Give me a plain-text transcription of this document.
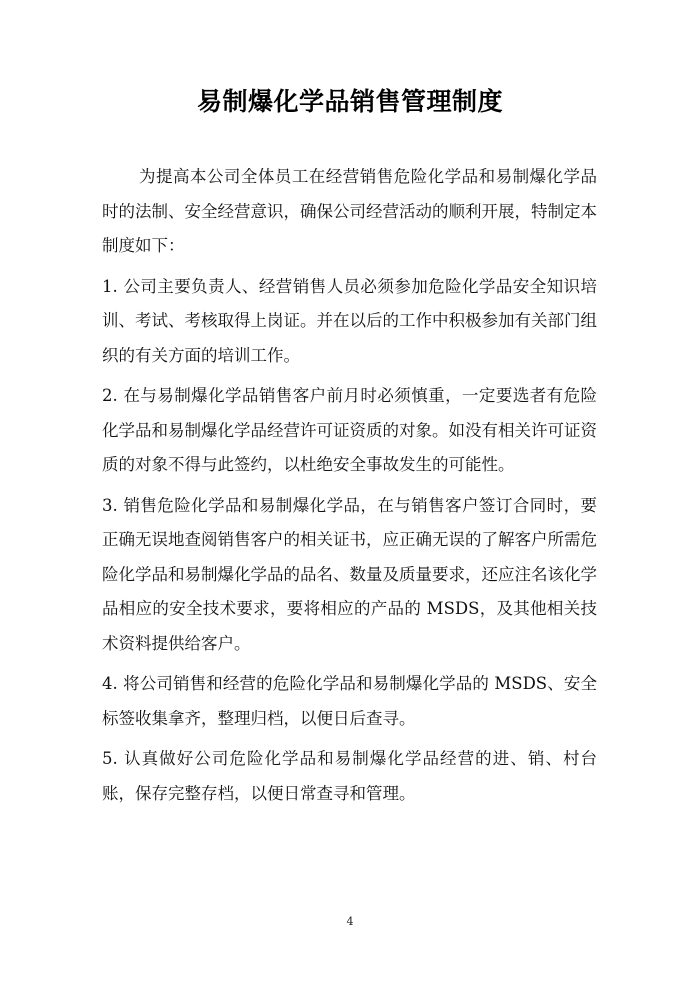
易制爆化学品销售管理制度

为提高本公司全体员工在经营销售危险化学品和易制爆化学品时的法制、安全经营意识，确保公司经营活动的顺利开展，特制定本制度如下：

1. 公司主要负责人、经营销售人员必须参加危险化学品安全知识培训、考试、考核取得上岗证。并在以后的工作中积极参加有关部门组织的有关方面的培训工作。

2. 在与易制爆化学品销售客户前月时必须慎重，一定要选者有危险化学品和易制爆化学品经营许可证资质的对象。如没有相关许可证资质的对象不得与此签约，以杜绝安全事故发生的可能性。

3. 销售危险化学品和易制爆化学品，在与销售客户签订合同时，要正确无误地查阅销售客户的相关证书，应正确无误的了解客户所需危险化学品和易制爆化学品的品名、数量及质量要求，还应注名该化学品相应的安全技术要求，要将相应的产品的 MSDS，及其他相关技术资料提供给客户。

4. 将公司销售和经营的危险化学品和易制爆化学品的 MSDS、安全标签收集拿齐，整理归档，以便日后查寻。

5. 认真做好公司危险化学品和易制爆化学品经营的进、销、村台账，保存完整存档，以便日常查寻和管理。

4
